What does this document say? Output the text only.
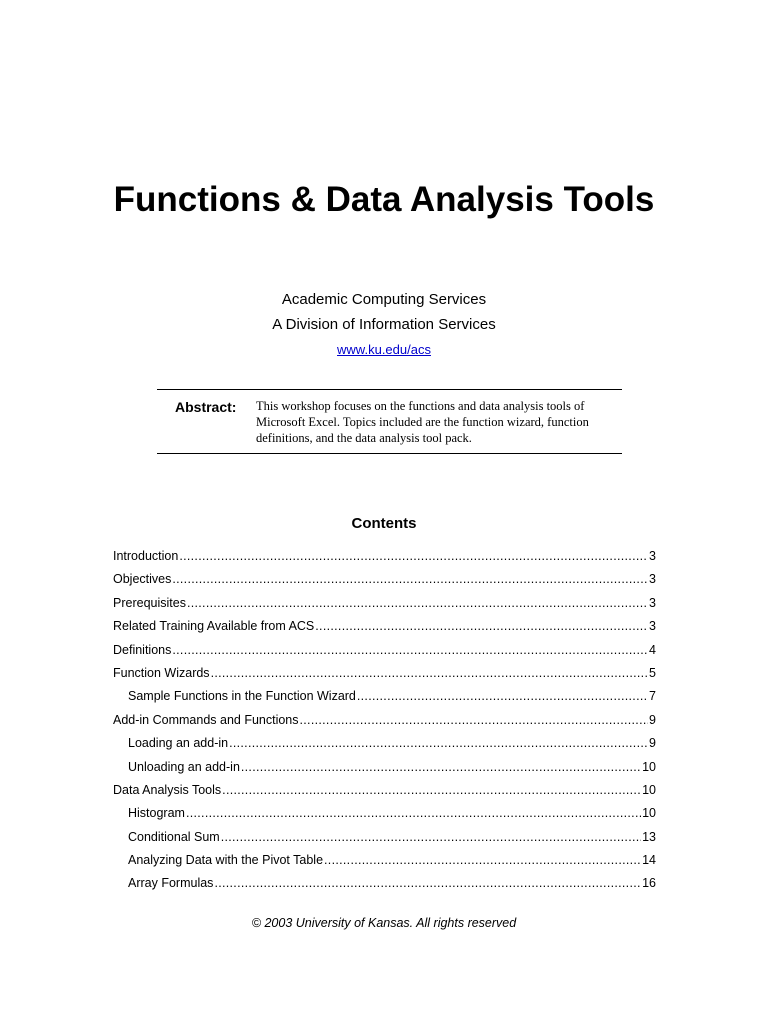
Functions & Data Analysis Tools
Academic Computing Services
A Division of Information Services
www.ku.edu/acs
Abstract: This workshop focuses on the functions and data analysis tools of Microsoft Excel. Topics included are the function wizard, function definitions, and the data analysis tool pack.
Contents
Introduction .....	3
Objectives .....	3
Prerequisites .....	3
Related Training Available from ACS .....	3
Definitions .....	4
Function Wizards .....	5
Sample Functions in the Function Wizard .....	7
Add-in Commands and Functions .....	9
Loading an add-in .....	9
Unloading an add-in .....	10
Data Analysis Tools .....	10
Histogram .....	10
Conditional Sum .....	13
Analyzing Data with the Pivot Table .....	14
Array Formulas .....	16
© 2003 University of Kansas. All rights reserved
